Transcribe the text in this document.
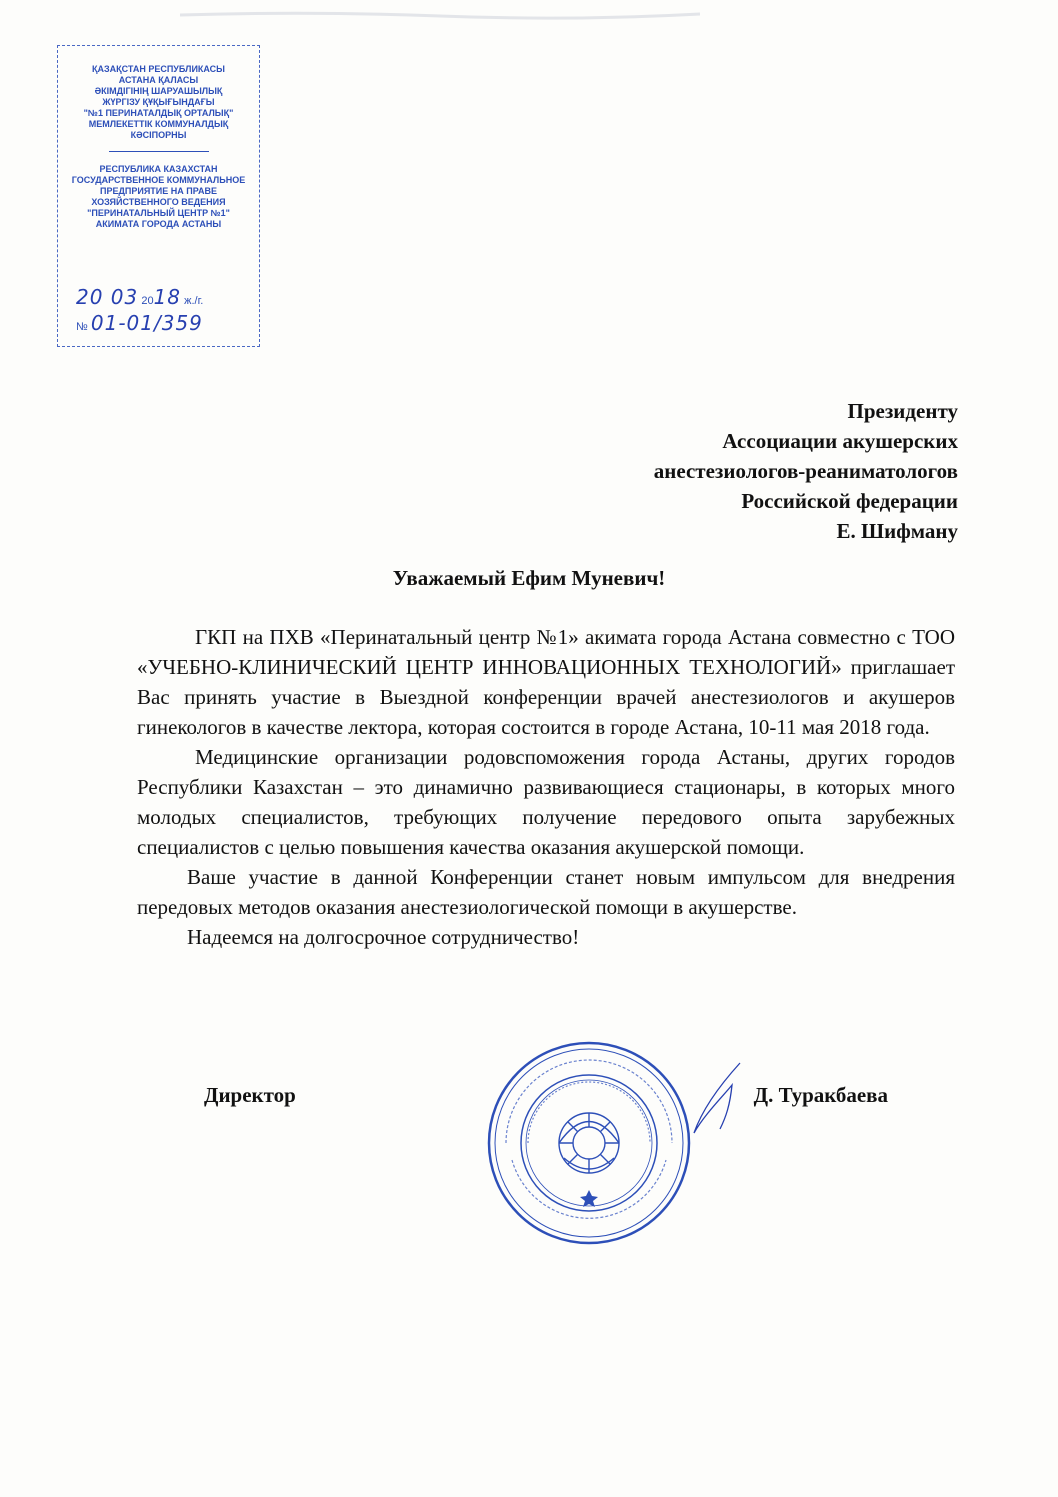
ҚАЗАҚСТАН РЕСПУБЛИКАСЫ
АСТАНА ҚАЛАСЫ
ӘКІМДІГІНІҢ ШАРУАШЫЛЫҚ
ЖҮРГІЗУ ҚҰҚЫҒЫНДАҒЫ
"№1 ПЕРИНАТАЛДЫҚ ОРТАЛЫҚ"
МЕМЛЕКЕТТІК КОММУНАЛДЫҚ
КӘСІПОРНЫ
РЕСПУБЛИКА КАЗАХСТАН
ГОСУДАРСТВЕННОЕ КОММУНАЛЬНОЕ
ПРЕДПРИЯТИЕ НА ПРАВЕ
ХОЗЯЙСТВЕННОГО ВЕДЕНИЯ
"ПЕРИНАТАЛЬНЫЙ ЦЕНТР №1"
АКИМАТА ГОРОДА АСТАНЫ
20 03 2018 ж./г.
№ 01-01/359
Президенту
Ассоциации акушерских
анестезиологов-реаниматологов
Российской федерации
Е. Шифману
Уважаемый Ефим Муневич!

ГКП на ПХВ «Перинатальный центр №1» акимата города Астана совместно с ТОО «УЧЕБНО-КЛИНИЧЕСКИЙ ЦЕНТР ИННОВАЦИОННЫХ ТЕХНОЛОГИЙ» приглашает Вас принять участие в Выездной конференции врачей анестезиологов и акушеров гинекологов в качестве лектора, которая состоится в городе Астана, 10-11 мая 2018 года.

Медицинские организации родовспоможения города Астаны, других городов Республики Казахстан – это динамично развивающиеся стационары, в которых много молодых специалистов, требующих получение передового опыта зарубежных специалистов с целью повышения качества оказания акушерской помощи.

Ваше участие в данной Конференции станет новым импульсом для внедрения передовых методов оказания анестезиологической помощи в акушерстве.

Надеемся на долгосрочное сотрудничество!

Директор	Д. Туракбаева
